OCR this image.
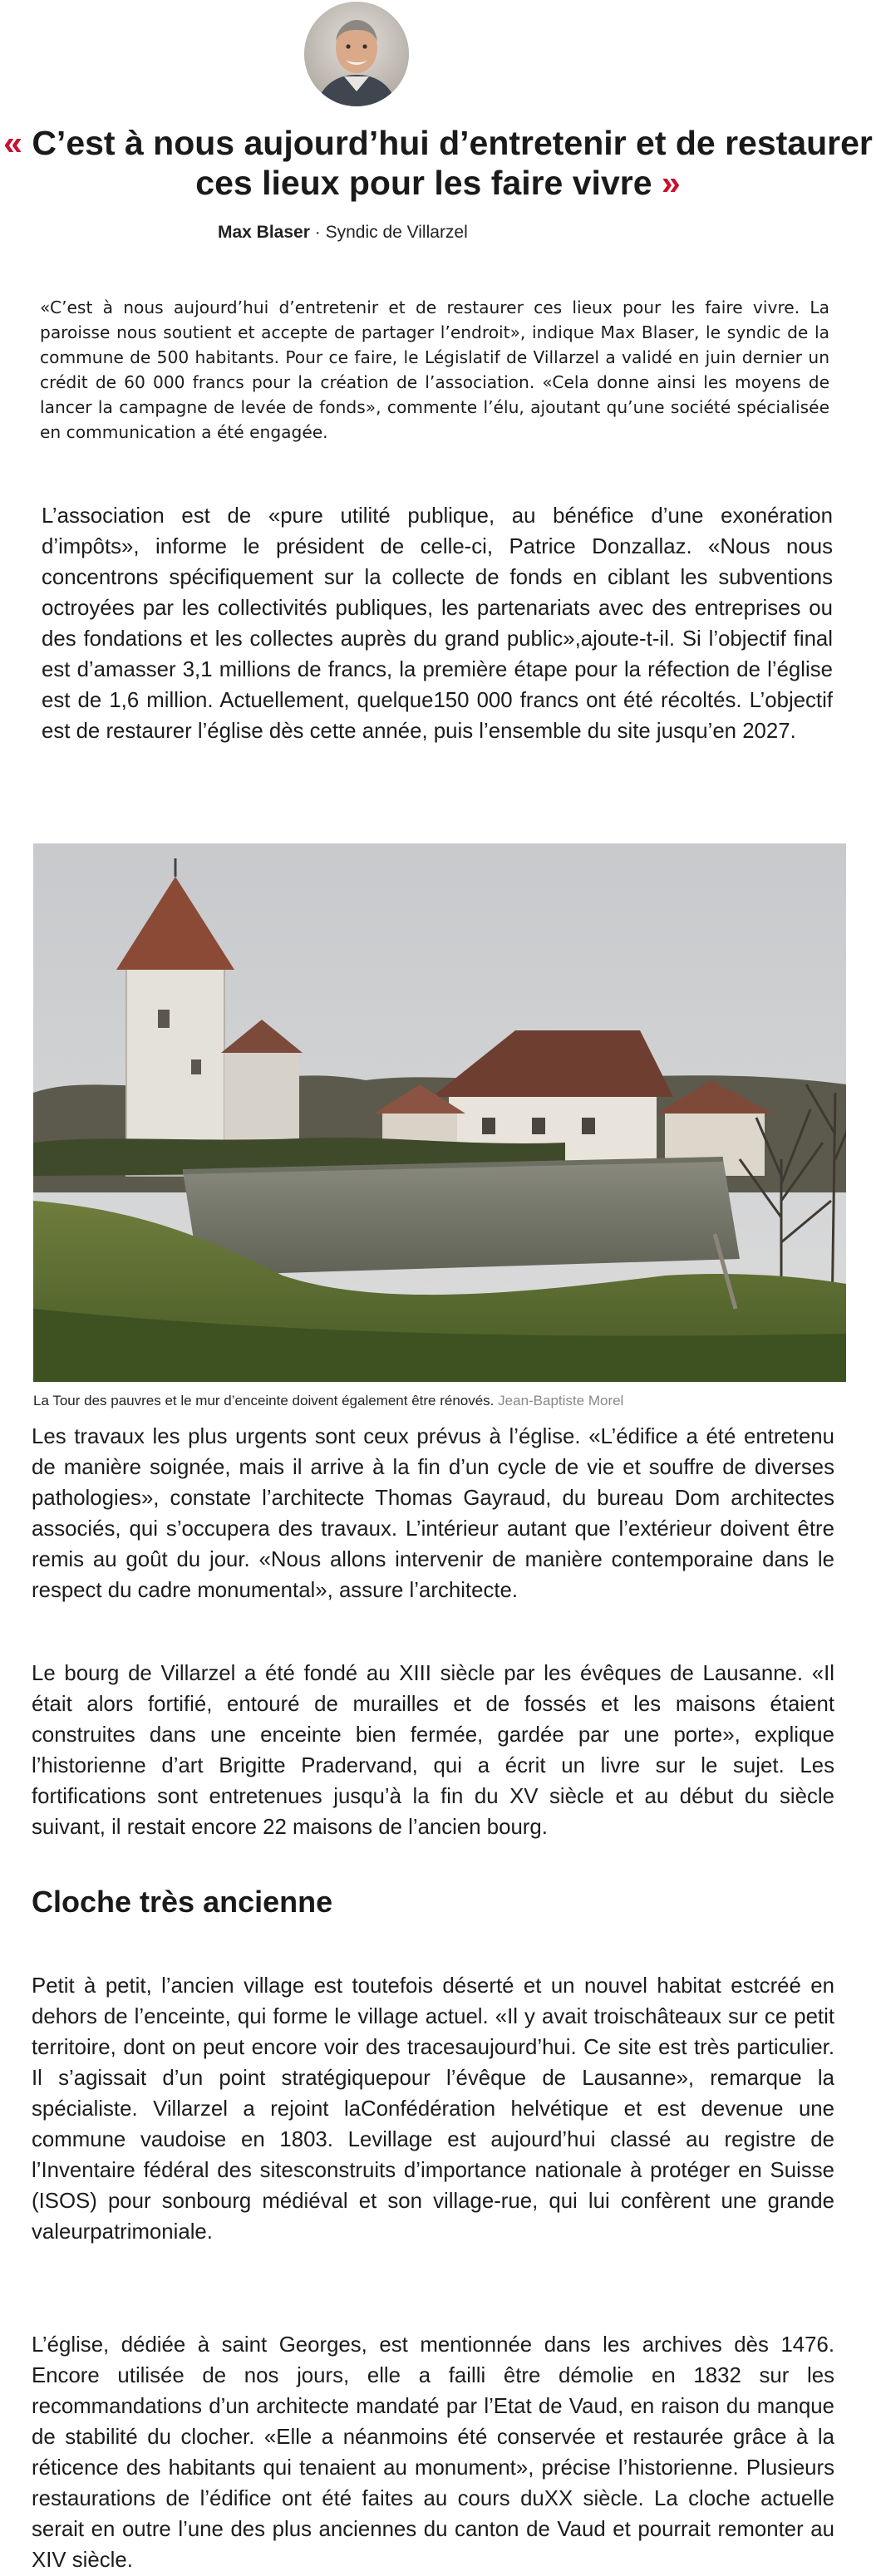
« C’est à nous aujourd’hui d’entretenir et de restaurer ces lieux pour les faire vivre »
Max Blaser · Syndic de Villarzel

«C’est à nous aujourd’hui d’entretenir et de restaurer ces lieux pour les faire vivre. La paroisse nous soutient et accepte de partager l’endroit», indique Max Blaser, le syndic de la commune de 500 habitants. Pour ce faire, le Législatif de Villarzel a validé en juin dernier un crédit de 60 000 francs pour la création de l’association. «Cela donne ainsi les moyens de lancer la campagne de levée de fonds», commente l’élu, ajoutant qu’une société spécialisée en communication a été engagée.

L’association est de «pure utilité publique, au bénéfice d’une exonération d’impôts», informe le président de celle-ci, Patrice Donzallaz. «Nous nous concentrons spécifiquement sur la collecte de fonds en ciblant les subventions octroyées par les collectivités publiques, les partenariats avec des entreprises ou des fondations et les collectes auprès du grand public»,ajoute-t-il. Si l’objectif final est d’amasser 3,1 millions de francs, la première étape pour la réfection de l’église est de 1,6 million. Actuellement, quelque150 000 francs ont été récoltés. L’objectif est de restaurer l’église dès cette année, puis l’ensemble du site jusqu’en 2027.

La Tour des pauvres et le mur d’enceinte doivent également être rénovés. Jean-Baptiste Morel

Les travaux les plus urgents sont ceux prévus à l’église. «L’édifice a été entretenu de manière soignée, mais il arrive à la fin d’un cycle de vie et souffre de diverses pathologies», constate l’architecte Thomas Gayraud, du bureau Dom architectes associés, qui s’occupera des travaux. L’intérieur autant que l’extérieur doivent être remis au goût du jour. «Nous allons intervenir de manière contemporaine dans le respect du cadre monumental», assure l’architecte.

Le bourg de Villarzel a été fondé au XIII siècle par les évêques de Lausanne. «Il était alors fortifié, entouré de murailles et de fossés et les maisons étaient construites dans une enceinte bien fermée, gardée par une porte», explique l’historienne d’art Brigitte Pradervand, qui a écrit un livre sur le sujet. Les fortifications sont entretenues jusqu’à la fin du XV siècle et au début du siècle suivant, il restait encore 22 maisons de l’ancien bourg.

Cloche très ancienne

Petit à petit, l’ancien village est toutefois déserté et un nouvel habitat estcréé en dehors de l’enceinte, qui forme le village actuel. «Il y avait troischâteaux sur ce petit territoire, dont on peut encore voir des tracesaujourd’hui. Ce site est très particulier. Il s’agissait d’un point stratégiquepour l’évêque de Lausanne», remarque la spécialiste. Villarzel a rejoint laConfédération helvétique et est devenue une commune vaudoise en 1803. Levillage est aujourd’hui classé au registre de l’Inventaire fédéral des sitesconstruits d’importance nationale à protéger en Suisse (ISOS) pour sonbourg médiéval et son village-rue, qui lui confèrent une grande valeurpatrimoniale.

L’église, dédiée à saint Georges, est mentionnée dans les archives dès 1476. Encore utilisée de nos jours, elle a failli être démolie en 1832 sur les recommandations d’un architecte mandaté par l’Etat de Vaud, en raison du manque de stabilité du clocher. «Elle a néanmoins été conservée et restaurée grâce à la réticence des habitants qui tenaient au monument», précise l’historienne. Plusieurs restaurations de l’édifice ont été faites au cours duXX siècle. La cloche actuelle serait en outre l’une des plus anciennes du canton de Vaud et pourrait remonter au XIV siècle.
